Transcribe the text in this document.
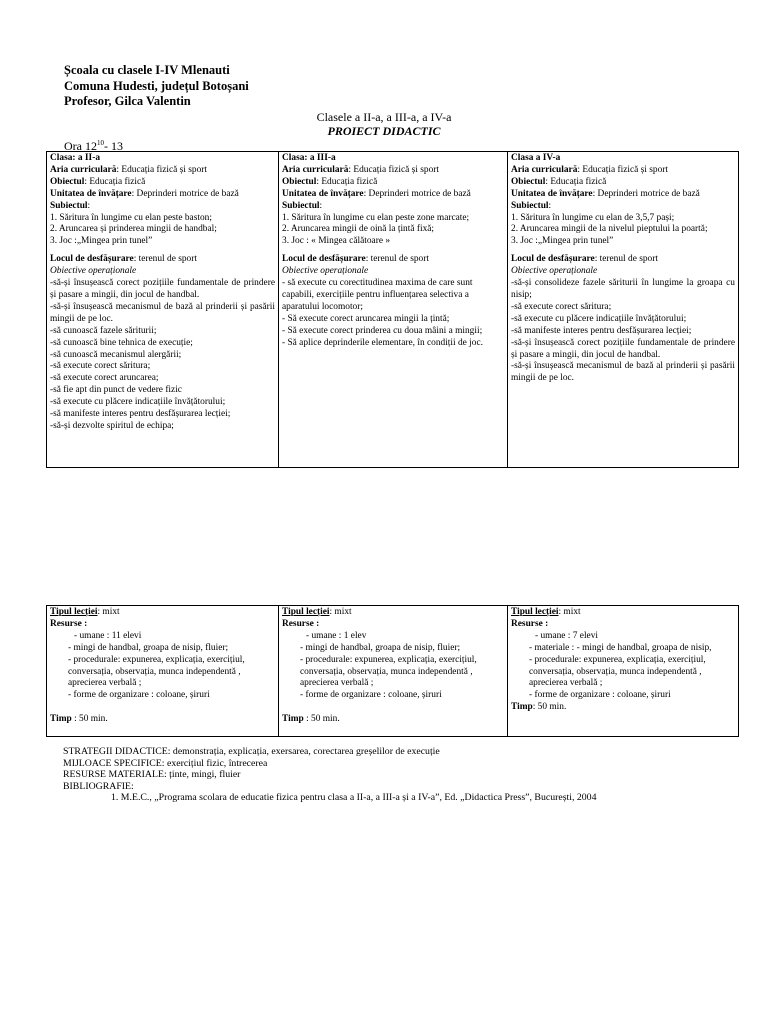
Școala cu clasele I-IV Mlenauti
Comuna Hudesti, județul Botoșani
Profesor, Gilca Valentin
Clasele a II-a, a III-a, a IV-a
PROIECT DIDACTIC
Ora $12^{10}-$ 13
Clasa: a II-a
Aria curriculară: Educația fizică și sport
Obiectul: Educația fizică
Unitatea de învățare: Deprinderi motrice de bază
Subiectul:
1. Săritura în lungime cu elan peste baston;
2. Aruncarea și prinderea mingii de handbal;
3. Joc :„Mingea prin tunel”
Locul de desfășurare: terenul de sport
Obiective operaționale
-să-și însușească corect pozițiile fundamentale de prindere și pasare a mingii, din jocul de handbal.
-să-și însușească mecanismul de bază al prinderii și pasării mingii de pe loc.
-să cunoască fazele săriturii;
-să cunoască bine tehnica de execuție;
-să cunoască mecanismul alergării;
-să execute corect săritura;
-să execute corect aruncarea;
-să fie apt din punct de vedere fizic
-să execute cu plăcere indicațiile învățătorului;
-să manifeste interes pentru desfășurarea lecției;
-să-și dezvolte spiritul de echipa;

Clasa: a III-a
Aria curriculară: Educația fizică și sport
Obiectul: Educația fizică
Unitatea de învățare: Deprinderi motrice de bază
Subiectul:
1. Săritura în lungime cu elan peste zone marcate;
2. Aruncarea mingii de oină la țintă fixă;
3. Joc : « Mingea călătoare »
Locul de desfășurare: terenul de sport
Obiective operaționale
- să execute cu corectitudinea maxima de care sunt capabili, exercițiile pentru influențarea selectiva a aparatului locomotor;
- Să execute corect aruncarea mingii la țintă;
- Să execute corect prinderea cu doua mâini a mingii;
- Să aplice deprinderile elementare, în condiții de joc.

Clasa a IV-a
Aria curriculară: Educația fizică și sport
Obiectul: Educația fizică
Unitatea de învățare: Deprinderi motrice de bază
Subiectul:
1. Săritura în lungime cu elan de 3,5,7 pași;
2. Aruncarea mingii de la nivelul pieptului la poartă;
3. Joc :„Mingea prin tunel”
Locul de desfășurare: terenul de sport
Obiective operaționale
-să-și consolideze fazele săriturii în lungime la groapa cu nisip;
-să execute corect săritura;
-să execute cu plăcere indicațiile învățătorului;
-să manifeste interes pentru desfășurarea lecției;
-să-și însușească corect pozițiile fundamentale de prindere și pasare a mingii, din jocul de handbal.
-să-și însușească mecanismul de bază al prinderii și pasării mingii de pe loc.
Tipul lecției: mixt
Resurse :
- umane : 11 elevi
- mingi de handbal, groapa de nisip, fluier;
- procedurale: expunerea, explicația, exercițiul, conversația, observația, munca independentă , aprecierea verbală ;
- forme de organizare : coloane, șiruri
Timp : 50 min.

Tipul lecției: mixt
Resurse :
- umane : 1 elev
- mingi de handbal, groapa de nisip, fluier;
- procedurale: expunerea, explicația, exercițiul, conversația, observația, munca independentă , aprecierea verbală ;
- forme de organizare : coloane, șiruri
Timp : 50 min.

Tipul lecției: mixt
Resurse :
- umane : 7 elevi
- materiale : - mingi de handbal, groapa de nisip,
- procedurale: expunerea, explicația, exercițiul, conversația, observația, munca independentă , aprecierea verbală ;
- forme de organizare : coloane, șiruri
Timp: 50 min.
STRATEGII DIDACTICE: demonstrația, explicația, exersarea, corectarea greșelilor de execuție
MIJLOACE SPECIFICE: exercițiul fizic, întrecerea
RESURSE MATERIALE: ținte, mingi, fluier
BIBLIOGRAFIE:
1. M.E.C., „Programa scolara de educatie fizica pentru clasa a II-a, a III-a și a IV-a”, Ed. „Didactica Press”, București, 2004
